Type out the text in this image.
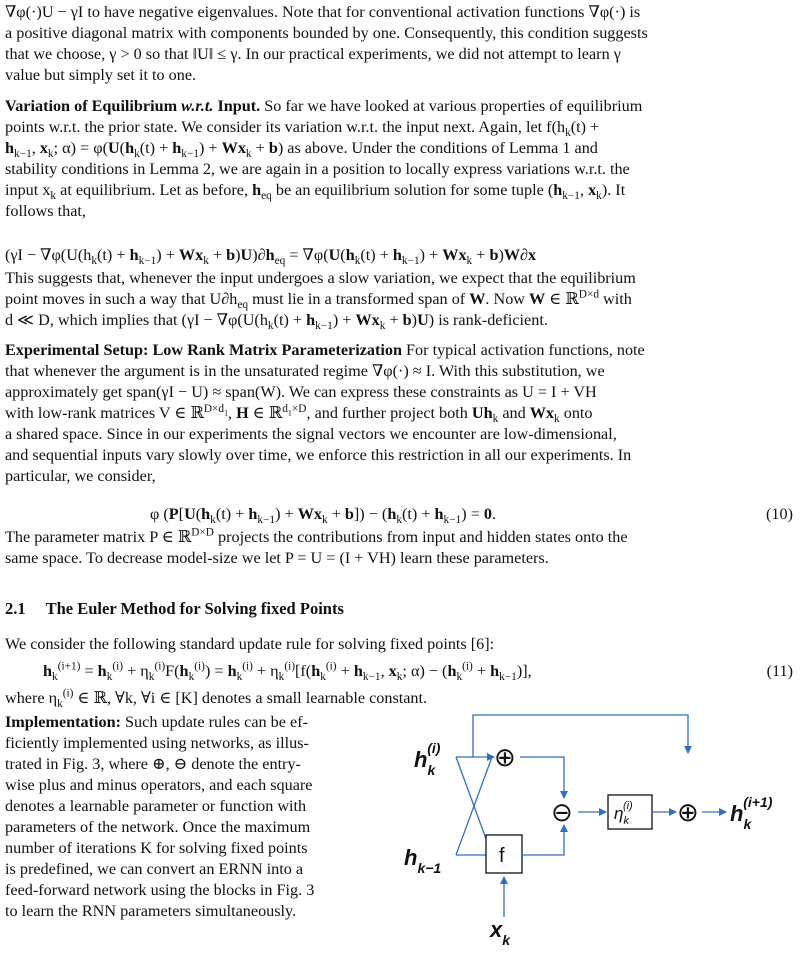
∇φ(·)U − γI to have negative eigenvalues. Note that for conventional activation functions ∇φ(·) is
a positive diagonal matrix with components bounded by one. Consequently, this condition suggests
that we choose, γ > 0 so that ‖U‖ ≤ γ. In our practical experiments, we did not attempt to learn γ
value but simply set it to one.

Variation of Equilibrium w.r.t. Input. So far we have looked at various properties of equilibrium
points w.r.t. the prior state. We consider its variation w.r.t. the input next. Again, let $f(h_k(t)$ +
$h_{k-1}$, $x_k$; $\alpha) = \varphi(U(h_k(t) + h_{k-1}) + Wx_k + b)$ as above. Under the conditions of Lemma 1 and
stability conditions in Lemma 2, we are again in a position to locally express variations w.r.t. the
input $x_k$ at equilibrium. Let as before, $h_{eq}$ be an equilibrium solution for some tuple ($h_{k-1}$, $x_k$). It
follows that,

$(\gamma I - \nabla\varphi(U(h_k(t) + h_{k-1}) + Wx_k + b)U)\partial h_{eq} = \nabla\varphi(U(h_k(t) + h_{k-1}) + Wx_k + b)W\partial x$

This suggests that, whenever the input undergoes a slow variation, we expect that the equilibrium
point moves in such a way that $U\partial h_{eq}$ must lie in a transformed span of W. Now W ∈ ℝ$^{D\times d}$ with
d ≪ D, which implies that $(\gamma I - \nabla\varphi(U(h_k(t) + h_{k-1}) + Wx_k + b)U)$ is rank-deficient.

Experimental Setup: Low Rank Matrix Parameterization For typical activation functions, note
that whenever the argument is in the unsaturated regime ∇φ(·) ≈ I. With this substitution, we
approximately get span(γI − U) ≈ span(W). We can express these constraints as U = I + VH
with low-rank matrices V ∈ ℝ$^{D\times d_1}$, H ∈ ℝ$^{d_1\times D}$, and further project both $Uh_k$ and $Wx_k$ onto
a shared space. Since in our experiments the signal vectors we encounter are low-dimensional,
and sequential inputs vary slowly over time, we enforce this restriction in all our experiments. In
particular, we consider,

φ $(P[U(h_k(t) + h_{k-1}) + Wx_k + b]) - (h_k(t) + h_{k-1}) = 0$.	(10)

The parameter matrix P ∈ ℝ$^{D\times D}$ projects the contributions from input and hidden states onto the
same space. To decrease model-size we let P = U = (I + VH) learn these parameters.

2.1 The Euler Method for Solving fixed Points

We consider the following standard update rule for solving fixed points [6]:

$h_k^{(i+1)} = h_k^{(i)} + \eta_k^{(i)}F(h_k^{(i)}) = h_k^{(i)} + \eta_k^{(i)}[f(h_k^{(i)} + h_{k-1}$, $x_k$; $\alpha) - (h_k^{(i)} + h_{k-1})$],	(11)

where $\eta_k^{(i)}$ ∈ ℝ, ∀k, ∀i ∈ [K] denotes a small learnable constant.

Implementation: Such update rules can be ef-
ficiently implemented using networks, as illus-
trated in Fig. 3, where ⊕, ⊖ denote the entry-
wise plus and minus operators, and each square
denotes a learnable parameter or function with
parameters of the network. Once the maximum
number of iterations K for solving fixed points
is predefined, we can convert an ERNN into a
feed-forward network using the blocks in Fig. 3
to learn the RNN parameters simultaneously.

⊕
f
⊖ $\eta_k(i)$ ⊕
$h_k(i)$
$h_{k-1}$
$x_k$
$h_k(i+1)$
